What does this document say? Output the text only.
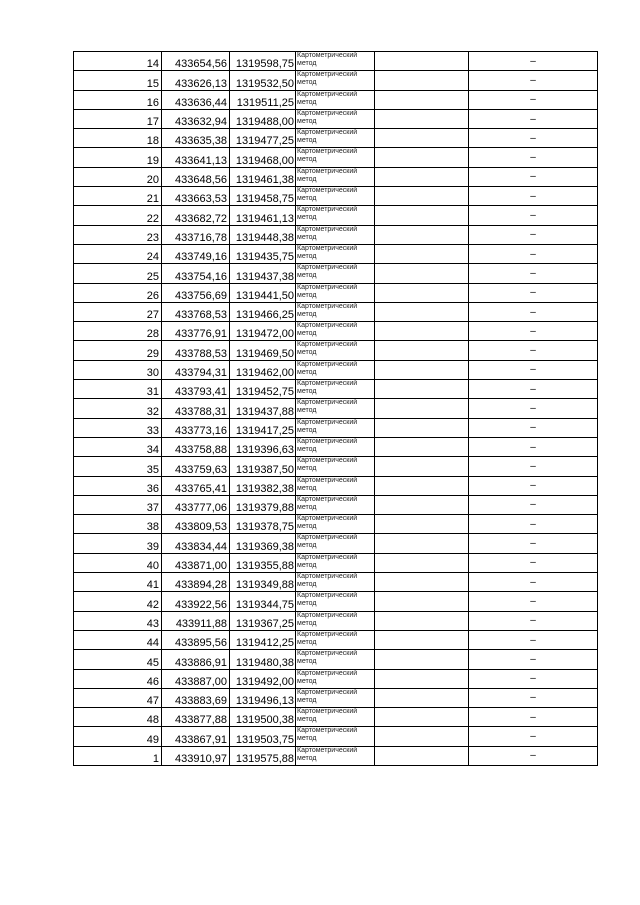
14	433654,56	1319598,75	Картометрический метод		–
15	433626,13	1319532,50	Картометрический метод		–
16	433636,44	1319511,25	Картометрический метод		–
17	433632,94	1319488,00	Картометрический метод		–
18	433635,38	1319477,25	Картометрический метод		–
19	433641,13	1319468,00	Картометрический метод		–
20	433648,56	1319461,38	Картометрический метод		–
21	433663,53	1319458,75	Картометрический метод		–
22	433682,72	1319461,13	Картометрический метод		–
23	433716,78	1319448,38	Картометрический метод		–
24	433749,16	1319435,75	Картометрический метод		–
25	433754,16	1319437,38	Картометрический метод		–
26	433756,69	1319441,50	Картометрический метод		–
27	433768,53	1319466,25	Картометрический метод		–
28	433776,91	1319472,00	Картометрический метод		–
29	433788,53	1319469,50	Картометрический метод		–
30	433794,31	1319462,00	Картометрический метод		–
31	433793,41	1319452,75	Картометрический метод		–
32	433788,31	1319437,88	Картометрический метод		–
33	433773,16	1319417,25	Картометрический метод		–
34	433758,88	1319396,63	Картометрический метод		–
35	433759,63	1319387,50	Картометрический метод		–
36	433765,41	1319382,38	Картометрический метод		–
37	433777,06	1319379,88	Картометрический метод		–
38	433809,53	1319378,75	Картометрический метод		–
39	433834,44	1319369,38	Картометрический метод		–
40	433871,00	1319355,88	Картометрический метод		–
41	433894,28	1319349,88	Картометрический метод		–
42	433922,56	1319344,75	Картометрический метод		–
43	433911,88	1319367,25	Картометрический метод		–
44	433895,56	1319412,25	Картометрический метод		–
45	433886,91	1319480,38	Картометрический метод		–
46	433887,00	1319492,00	Картометрический метод		–
47	433883,69	1319496,13	Картометрический метод		–
48	433877,88	1319500,38	Картометрический метод		–
49	433867,91	1319503,75	Картометрический метод		–
1	433910,97	1319575,88	Картометрический метод		–
